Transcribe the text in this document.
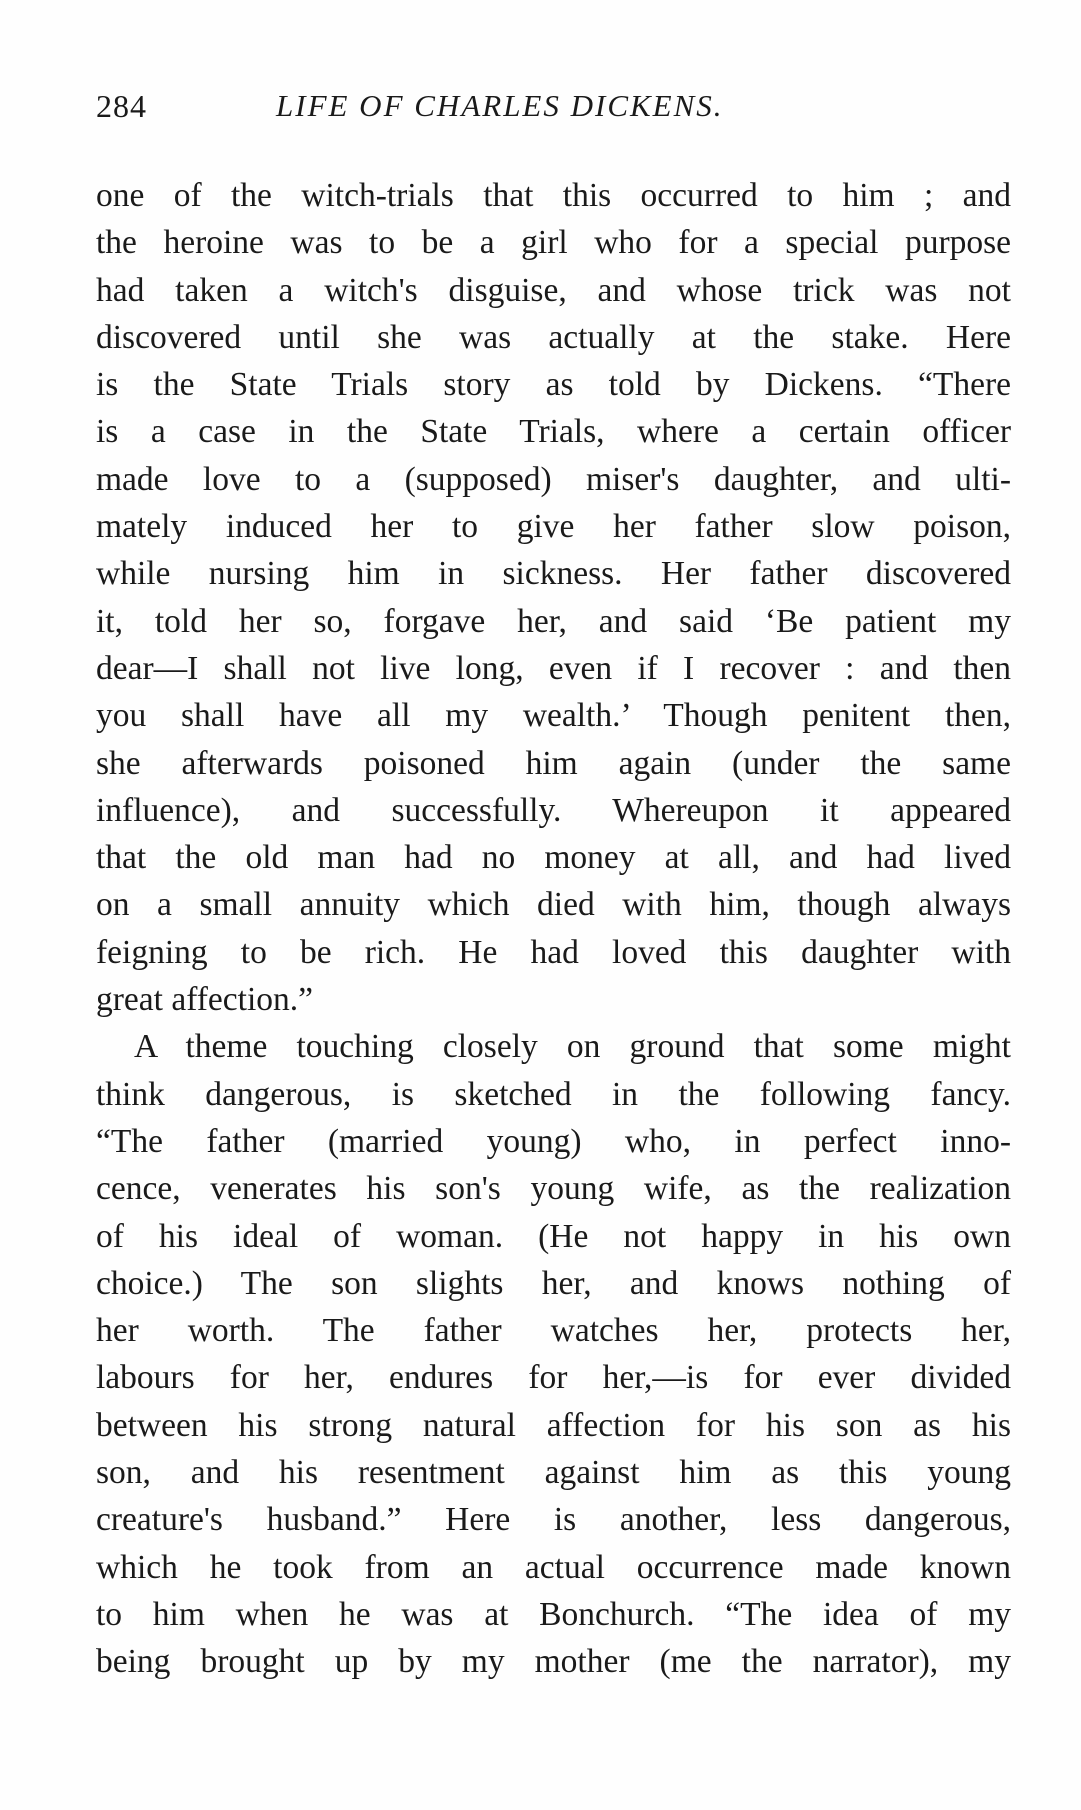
284	LIFE OF CHARLES DICKENS.
one of the witch-trials that this occurred to him ; and
the heroine was to be a girl who for a special purpose
had taken a witch's disguise, and whose trick was not
discovered until she was actually at the stake. Here
is the State Trials story as told by Dickens. “There
is a case in the State Trials, where a certain officer
made love to a (supposed) miser's daughter, and ulti-
mately induced her to give her father slow poison,
while nursing him in sickness. Her father discovered
it, told her so, forgave her, and said ‘Be patient my
dear—I shall not live long, even if I recover : and then
you shall have all my wealth.’ Though penitent then,
she afterwards poisoned him again (under the same
influence), and successfully. Whereupon it appeared
that the old man had no money at all, and had lived
on a small annuity which died with him, though always
feigning to be rich. He had loved this daughter with
great affection.”
A theme touching closely on ground that some might
think dangerous, is sketched in the following fancy.
“The father (married young) who, in perfect inno-
cence, venerates his son's young wife, as the realization
of his ideal of woman. (He not happy in his own
choice.) The son slights her, and knows nothing of
her worth. The father watches her, protects her,
labours for her, endures for her,—is for ever divided
between his strong natural affection for his son as his
son, and his resentment against him as this young
creature's husband.” Here is another, less dangerous,
which he took from an actual occurrence made known
to him when he was at Bonchurch. “The idea of my
being brought up by my mother (me the narrator), my
